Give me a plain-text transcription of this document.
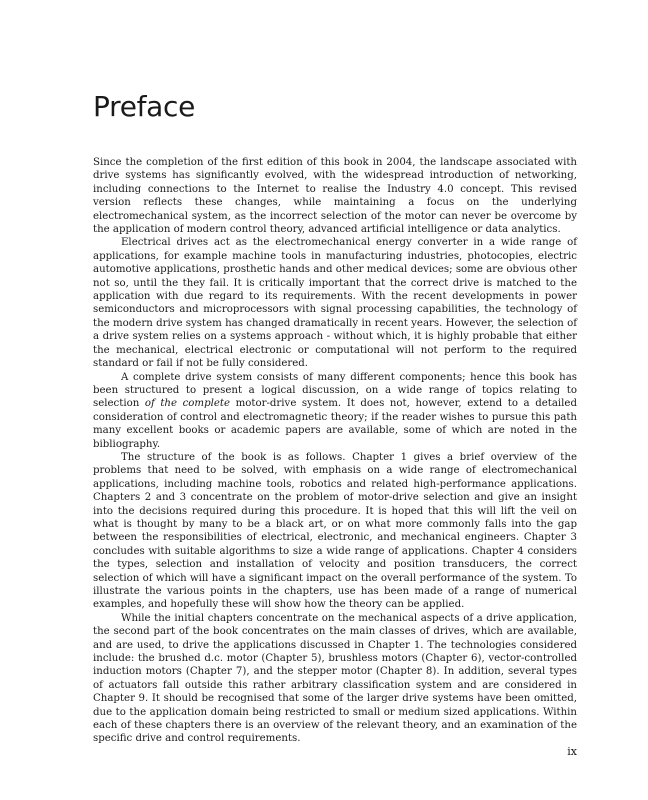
Preface

Since the completion of the first edition of this book in 2004, the landscape associated with drive systems has significantly evolved, with the widespread introduction of networking, including connections to the Internet to realise the Industry 4.0 concept. This revised version reflects these changes, while maintaining a focus on the underlying electromechanical system, as the incorrect selection of the motor can never be overcome by the application of modern control theory, advanced artificial intelligence or data analytics.

Electrical drives act as the electromechanical energy converter in a wide range of applications, for example machine tools in manufacturing industries, photocopies, electric automotive applications, prosthetic hands and other medical devices; some are obvious other not so, until the they fail. It is critically important that the correct drive is matched to the application with due regard to its requirements. With the recent developments in power semiconductors and microprocessors with signal processing capabilities, the technology of the modern drive system has changed dramatically in recent years. However, the selection of a drive system relies on a systems approach - without which, it is highly probable that either the mechanical, electrical electronic or computational will not perform to the required standard or fail if not be fully considered.

A complete drive system consists of many different components; hence this book has been structured to present a logical discussion, on a wide range of topics relating to selection of the complete motor-drive system. It does not, however, extend to a detailed consideration of control and electromagnetic theory; if the reader wishes to pursue this path many excellent books or academic papers are available, some of which are noted in the bibliography.

The structure of the book is as follows. Chapter 1 gives a brief overview of the problems that need to be solved, with emphasis on a wide range of electromechanical applications, including machine tools, robotics and related high-performance applications. Chapters 2 and 3 concentrate on the problem of motor-drive selection and give an insight into the decisions required during this procedure. It is hoped that this will lift the veil on what is thought by many to be a black art, or on what more commonly falls into the gap between the responsibilities of electrical, electronic, and mechanical engineers. Chapter 3 concludes with suitable algorithms to size a wide range of applications. Chapter 4 considers the types, selection and installation of velocity and position transducers, the correct selection of which will have a significant impact on the overall performance of the system. To illustrate the various points in the chapters, use has been made of a range of numerical examples, and hopefully these will show how the theory can be applied.

While the initial chapters concentrate on the mechanical aspects of a drive application, the second part of the book concentrates on the main classes of drives, which are available, and are used, to drive the applications discussed in Chapter 1. The technologies considered include: the brushed d.c. motor (Chapter 5), brushless motors (Chapter 6), vector-controlled induction motors (Chapter 7), and the stepper motor (Chapter 8). In addition, several types of actuators fall outside this rather arbitrary classification system and are considered in Chapter 9. It should be recognised that some of the larger drive systems have been omitted, due to the application domain being restricted to small or medium sized applications. Within each of these chapters there is an overview of the relevant theory, and an examination of the specific drive and control requirements.

ix
